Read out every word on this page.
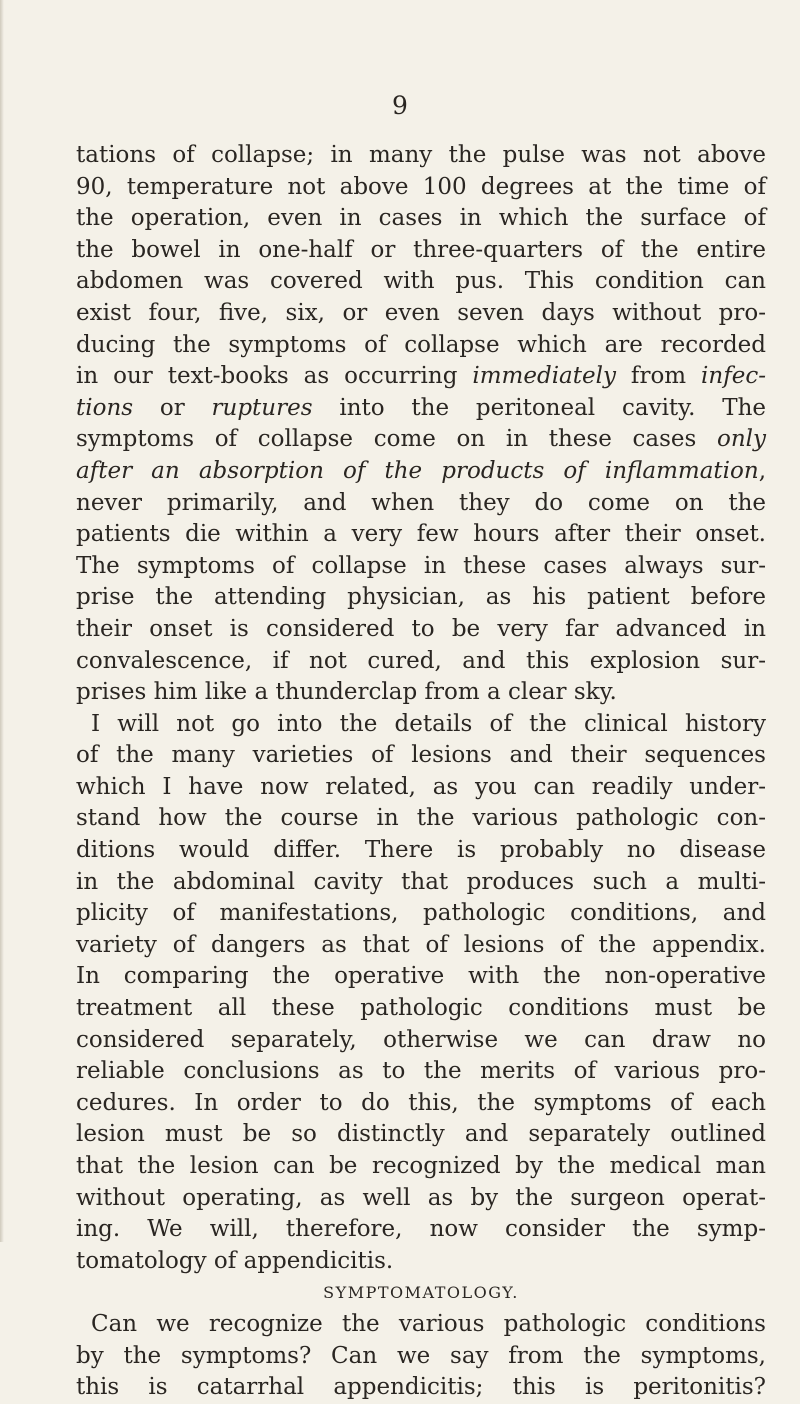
9
tations of collapse; in many the pulse was not above
90, temperature not above 100 degrees at the time of
the operation, even in cases in which the surface of
the bowel in one-half or three-quarters of the entire
abdomen was covered with pus. This condition can
exist four, five, six, or even seven days without pro-
ducing the symptoms of collapse which are recorded
in our text-books as occurring immediately from infec-
tions or ruptures into the peritoneal cavity. The
symptoms of collapse come on in these cases only
after an absorption of the products of inflammation,
never primarily, and when they do come on the
patients die within a very few hours after their onset.
The symptoms of collapse in these cases always sur-
prise the attending physician, as his patient before
their onset is considered to be very far advanced in
convalescence, if not cured, and this explosion sur-
prises him like a thunderclap from a clear sky.
I will not go into the details of the clinical history
of the many varieties of lesions and their sequences
which I have now related, as you can readily under-
stand how the course in the various pathologic con-
ditions would differ. There is probably no disease
in the abdominal cavity that produces such a multi-
plicity of manifestations, pathologic conditions, and
variety of dangers as that of lesions of the appendix.
In comparing the operative with the non-operative
treatment all these pathologic conditions must be
considered separately, otherwise we can draw no
reliable conclusions as to the merits of various pro-
cedures. In order to do this, the symptoms of each
lesion must be so distinctly and separately outlined
that the lesion can be recognized by the medical man
without operating, as well as by the surgeon operat-
ing. We will, therefore, now consider the symp-
tomatology of appendicitis.
SYMPTOMATOLOGY.
Can we recognize the various pathologic conditions
by the symptoms? Can we say from the symptoms,
this is catarrhal appendicitis; this is peritonitis?
